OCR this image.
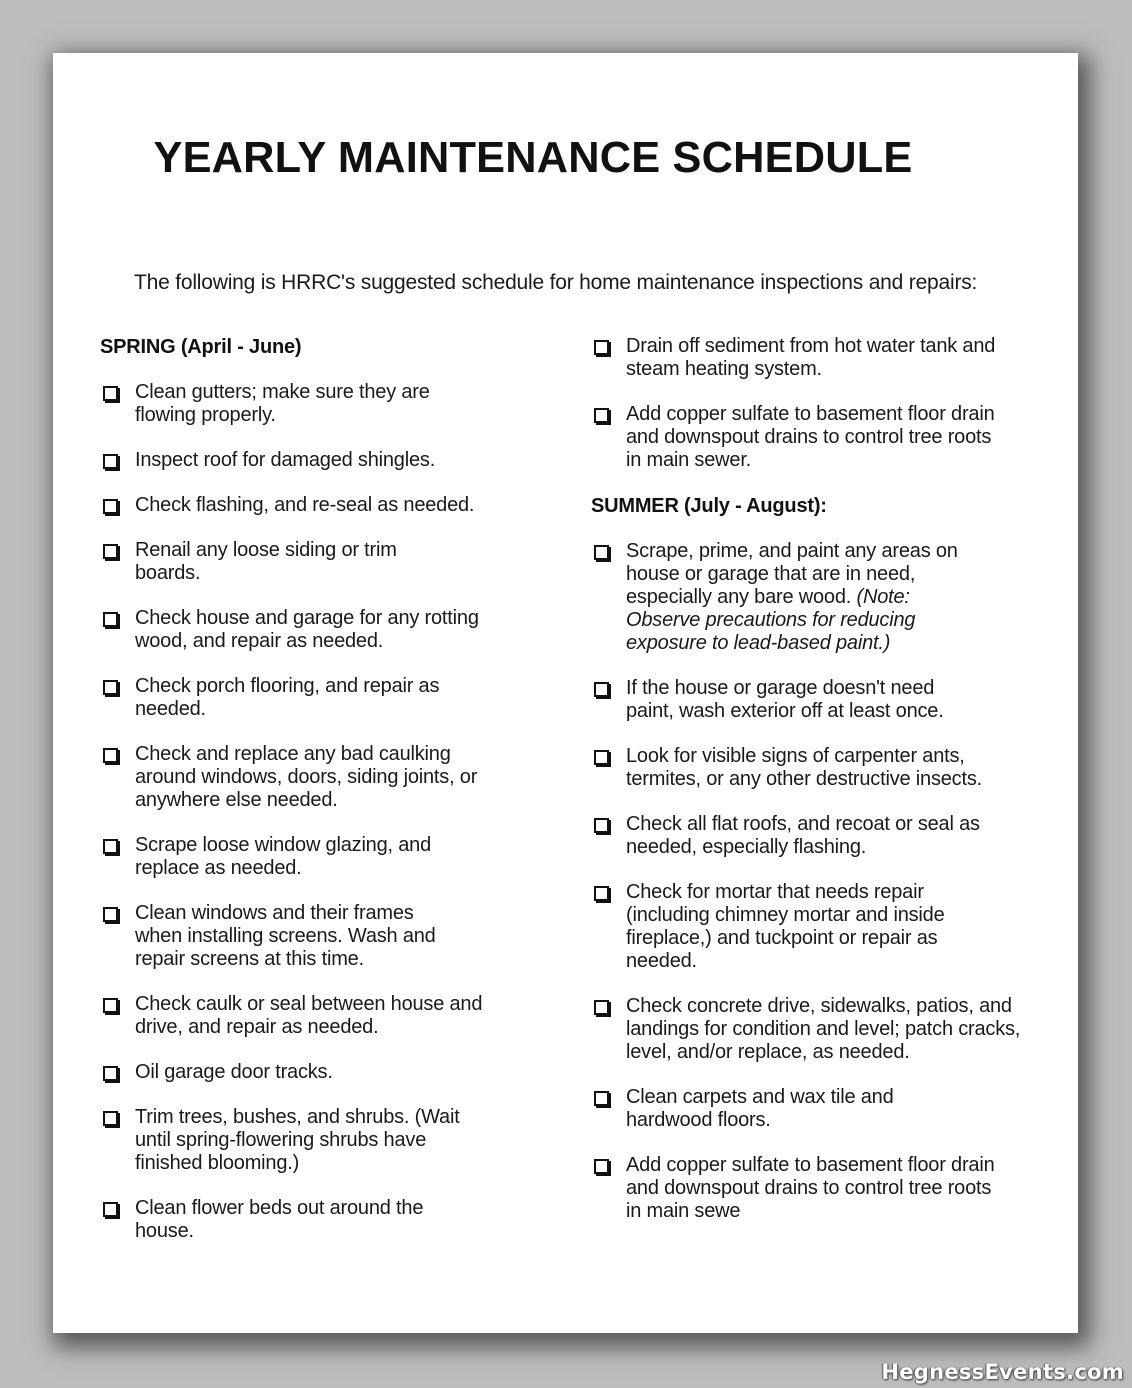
YEARLY MAINTENANCE SCHEDULE
The following is HRRC's suggested schedule for home maintenance inspections and repairs:
SPRING (April - June)
Clean gutters; make sure they are flowing properly.
Inspect roof for damaged shingles.
Check flashing, and re-seal as needed.
Renail any loose siding or trim boards.
Check house and garage for any rotting wood, and repair as needed.
Check porch flooring, and repair as needed.
Check and replace any bad caulking around windows, doors, siding joints, or anywhere else needed.
Scrape loose window glazing, and replace as needed.
Clean windows and their frames when installing screens. Wash and repair screens at this time.
Check caulk or seal between house and drive, and repair as needed.
Oil garage door tracks.
Trim trees, bushes, and shrubs. (Wait until spring-flowering shrubs have finished blooming.)
Clean flower beds out around the house.
Drain off sediment from hot water tank and steam heating system.
Add copper sulfate to basement floor drain and downspout drains to control tree roots in main sewer.
SUMMER (July - August):
Scrape, prime, and paint any areas on house or garage that are in need, especially any bare wood. (Note: Observe precautions for reducing exposure to lead-based paint.)
If the house or garage doesn't need paint, wash exterior off at least once.
Look for visible signs of carpenter ants, termites, or any other destructive insects.
Check all flat roofs, and recoat or seal as needed, especially flashing.
Check for mortar that needs repair (including chimney mortar and inside fireplace,) and tuckpoint or repair as needed.
Check concrete drive, sidewalks, patios, and landings for condition and level; patch cracks, level, and/or replace, as needed.
Clean carpets and wax tile and hardwood floors.
Add copper sulfate to basement floor drain and downspout drains to control tree roots in main sewe
HegnessEvents.com
